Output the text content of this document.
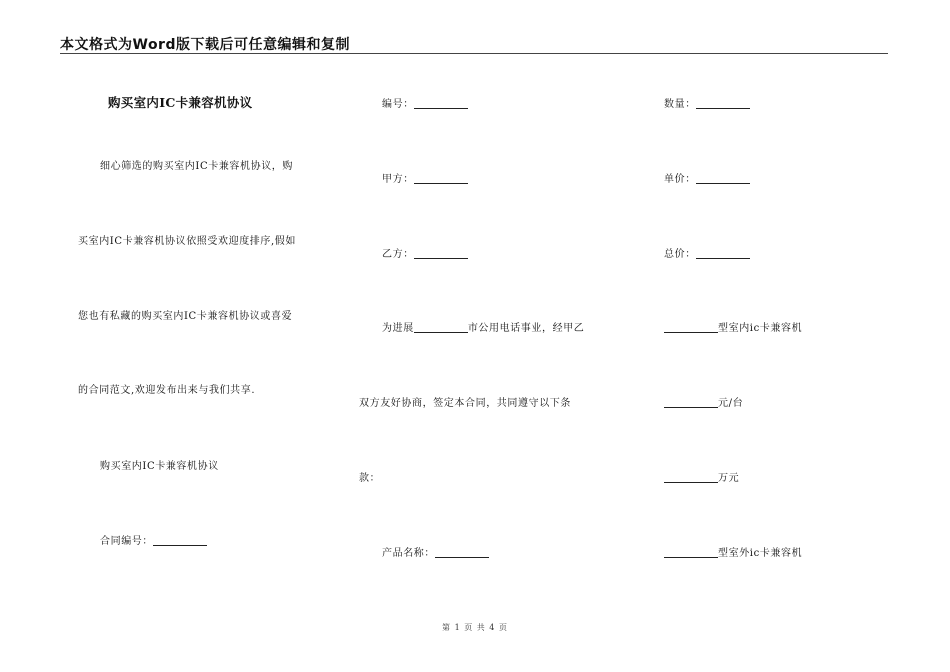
本文格式为Word版下载后可任意编辑和复制
购买室内IC卡兼容机协议
细心筛选的购买室内IC卡兼容机协议，购
买室内IC卡兼容机协议依照受欢迎度排序,假如
您也有私藏的购买室内IC卡兼容机协议或喜爱
的合同范文,欢迎发布出来与我们共享.
购买室内IC卡兼容机协议
合同编号：
编号：
甲方：
乙方：
为进展	市公用电话事业，经甲乙
双方友好协商，签定本合同，共同遵守以下条
款：
产品名称：
数量：
单价：
总价：
型室内ic卡兼容机
元/台
万元
型室外ic卡兼容机
第 1 页 共 4 页
